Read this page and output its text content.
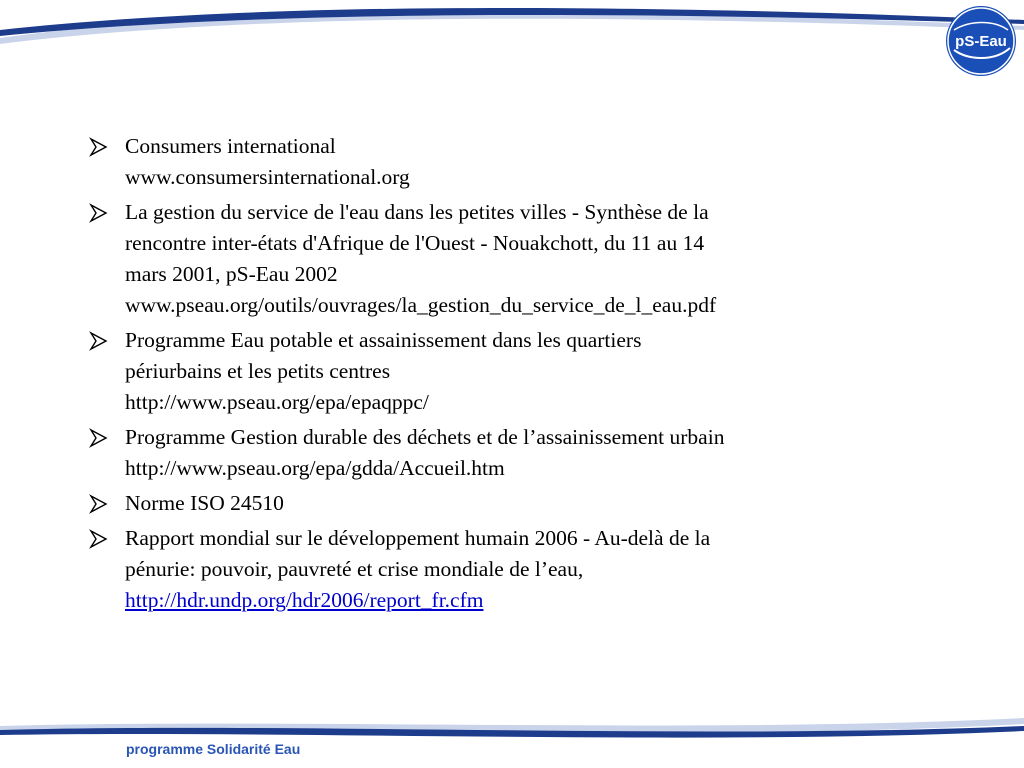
pS-Eau
Consumers international
www.consumersinternational.org
La gestion du service de l'eau dans les petites villes - Synthèse de la
rencontre inter-états d'Afrique de l'Ouest - Nouakchott, du 11 au 14
mars 2001, pS-Eau 2002
www.pseau.org/outils/ouvrages/la_gestion_du_service_de_l_eau.pdf
Programme Eau potable et assainissement dans les quartiers
périurbains et les petits centres
http://www.pseau.org/epa/epaqppc/
Programme Gestion durable des déchets et de l’assainissement urbain
http://www.pseau.org/epa/gdda/Accueil.htm
Norme ISO 24510
Rapport mondial sur le développement humain 2006 - Au-delà de la
pénurie: pouvoir, pauvreté et crise mondiale de l’eau,
http://hdr.undp.org/hdr2006/report_fr.cfm
programme Solidarité Eau
